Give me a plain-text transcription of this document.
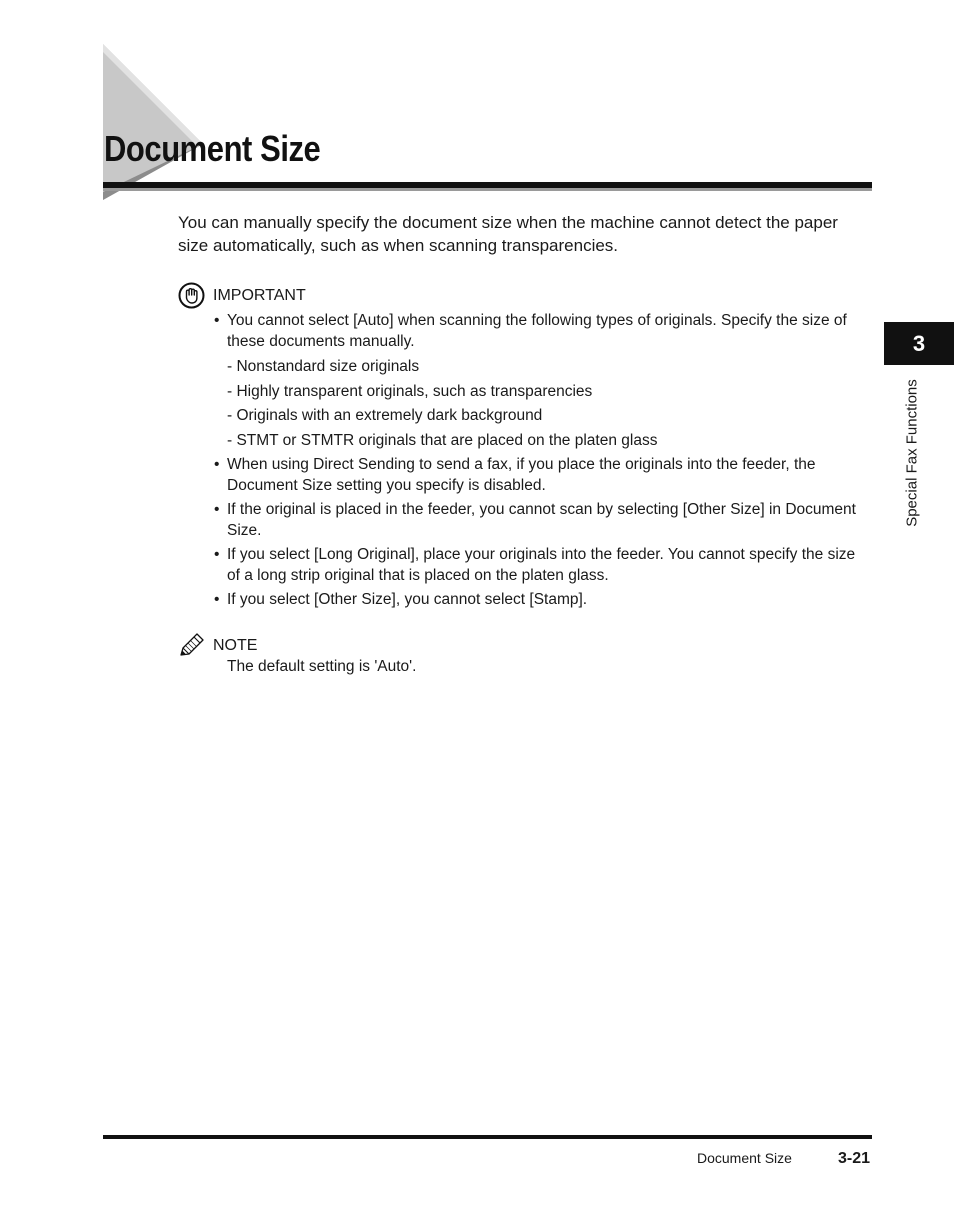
Document Size

You can manually specify the document size when the machine cannot detect the paper size automatically, such as when scanning transparencies.

IMPORTANT
• You cannot select [Auto] when scanning the following types of originals. Specify the size of these documents manually.
- Nonstandard size originals
- Highly transparent originals, such as transparencies
- Originals with an extremely dark background
- STMT or STMTR originals that are placed on the platen glass
• When using Direct Sending to send a fax, if you place the originals into the feeder, the Document Size setting you specify is disabled.
• If the original is placed in the feeder, you cannot scan by selecting [Other Size] in Document Size.
• If you select [Long Original], place your originals into the feeder. You cannot specify the size of a long strip original that is placed on the platen glass.
• If you select [Other Size], you cannot select [Stamp].
NOTE

The default setting is 'Auto'.

3
Special Fax Functions
Document Size	3-21
